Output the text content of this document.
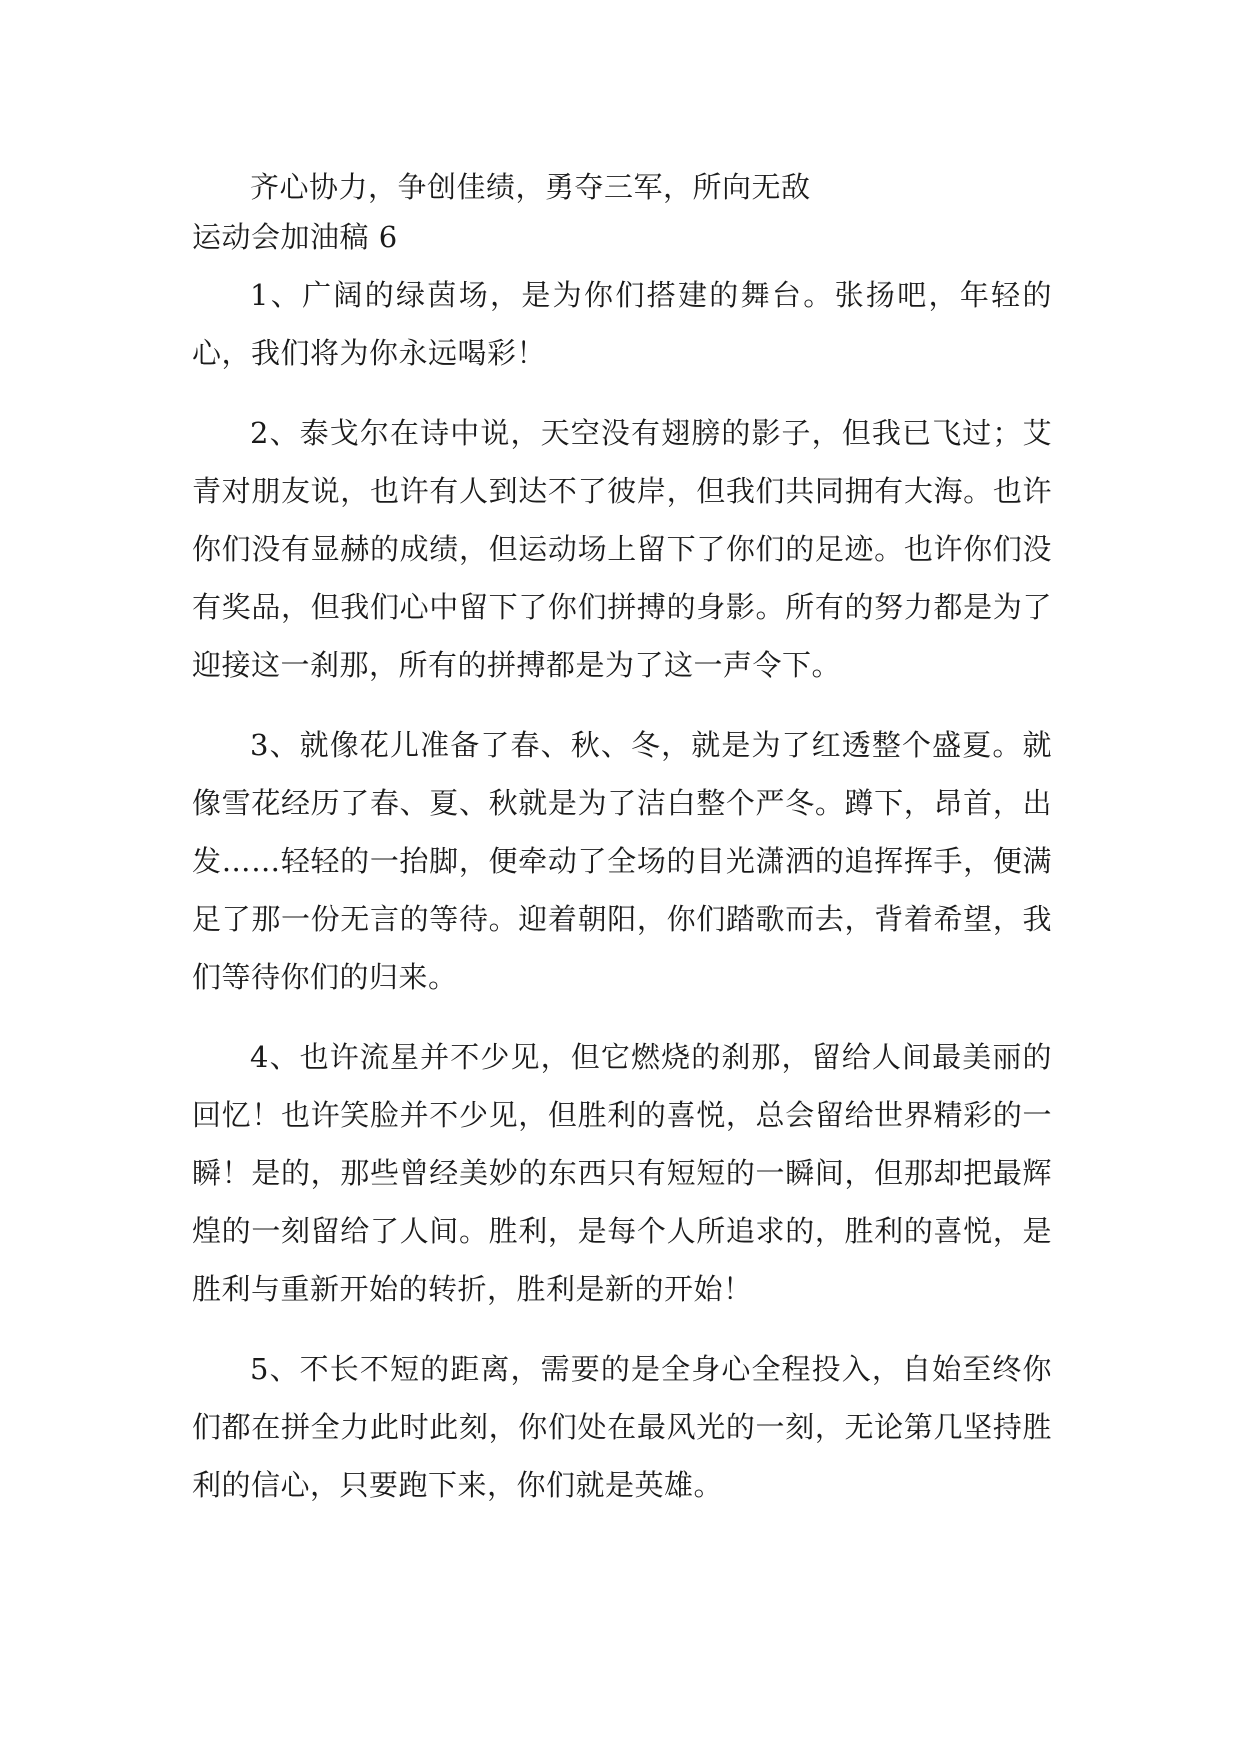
齐心协力，争创佳绩，勇夺三军，所向无敌

运动会加油稿 6

1、广阔的绿茵场，是为你们搭建的舞台。张扬吧，年轻的心，我们将为你永远喝彩！

2、泰戈尔在诗中说，天空没有翅膀的影子，但我已飞过；艾青对朋友说，也许有人到达不了彼岸，但我们共同拥有大海。也许你们没有显赫的成绩，但运动场上留下了你们的足迹。也许你们没有奖品，但我们心中留下了你们拼搏的身影。所有的努力都是为了迎接这一刹那，所有的拼搏都是为了这一声令下。

3、就像花儿准备了春、秋、冬，就是为了红透整个盛夏。就像雪花经历了春、夏、秋就是为了洁白整个严冬。蹲下，昂首，出发……轻轻的一抬脚，便牵动了全场的目光潇洒的追挥挥手，便满足了那一份无言的等待。迎着朝阳，你们踏歌而去，背着希望，我们等待你们的归来。

4、也许流星并不少见，但它燃烧的刹那，留给人间最美丽的回忆！也许笑脸并不少见，但胜利的喜悦，总会留给世界精彩的一瞬！是的，那些曾经美妙的东西只有短短的一瞬间，但那却把最辉煌的一刻留给了人间。胜利，是每个人所追求的，胜利的喜悦，是胜利与重新开始的转折，胜利是新的开始！

5、不长不短的距离，需要的是全身心全程投入，自始至终你们都在拼全力此时此刻，你们处在最风光的一刻，无论第几坚持胜利的信心，只要跑下来，你们就是英雄。
